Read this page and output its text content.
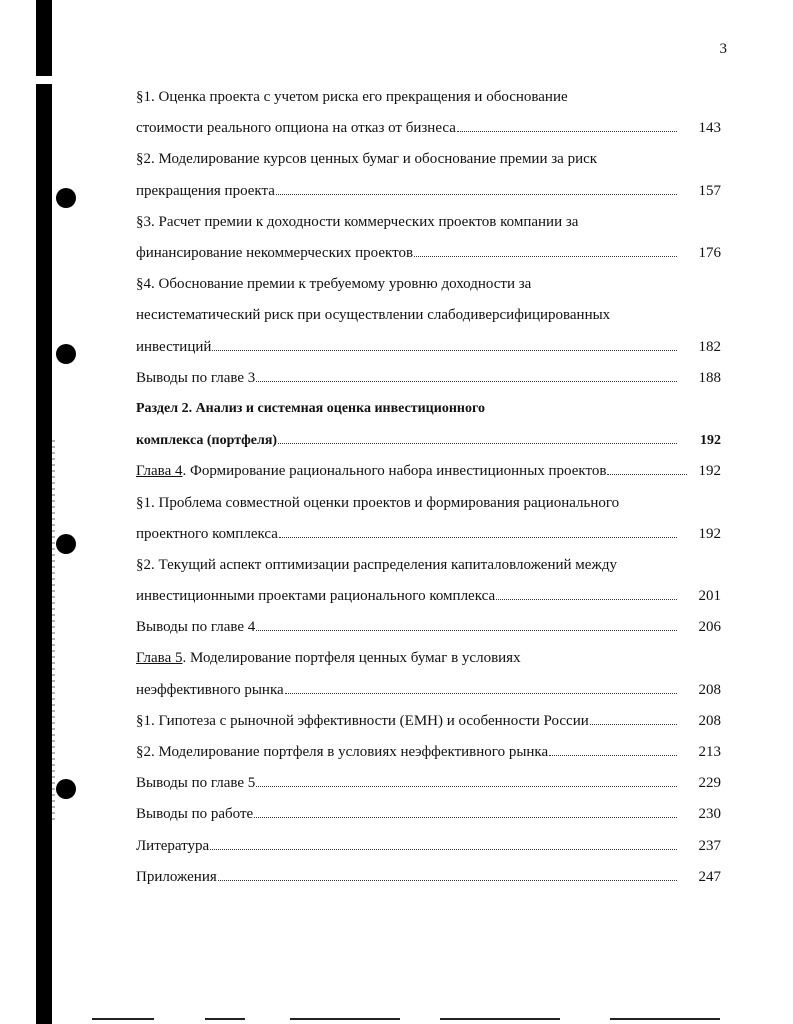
3
§1. Оценка проекта с учетом риска его прекращения и обоснование
стоимости реального опциона на отказ от бизнеса	143
§2. Моделирование курсов ценных бумаг и обоснование премии за риск
прекращения проекта	157
§3. Расчет премии к доходности коммерческих проектов компании за
финансирование некоммерческих проектов	176
§4. Обоснование премии к требуемому уровню доходности за
несистематический риск при осуществлении слабодиверсифицированных
инвестиций	182
Выводы по главе 3	188
Раздел 2. Анализ и системная оценка инвестиционного
комплекса (портфеля)	192
Глава 4 . Формирование рационального набора инвестиционных проектов	192
§1. Проблема совместной оценки проектов и формирования рационального
проектного комплекса	192
§2. Текущий аспект оптимизации распределения капиталовложений между
инвестиционными проектами рационального комплекса	201
Выводы по главе 4	206
Глава 5 . Моделирование портфеля ценных бумаг в условиях
неэффективного рынка	208
§1. Гипотеза с рыночной эффективности (EMH) и особенности России	208
§2. Моделирование портфеля в условиях неэффективного рынка	213
Выводы по главе 5	229
Выводы по работе	230
Литература	237
Приложения	247
